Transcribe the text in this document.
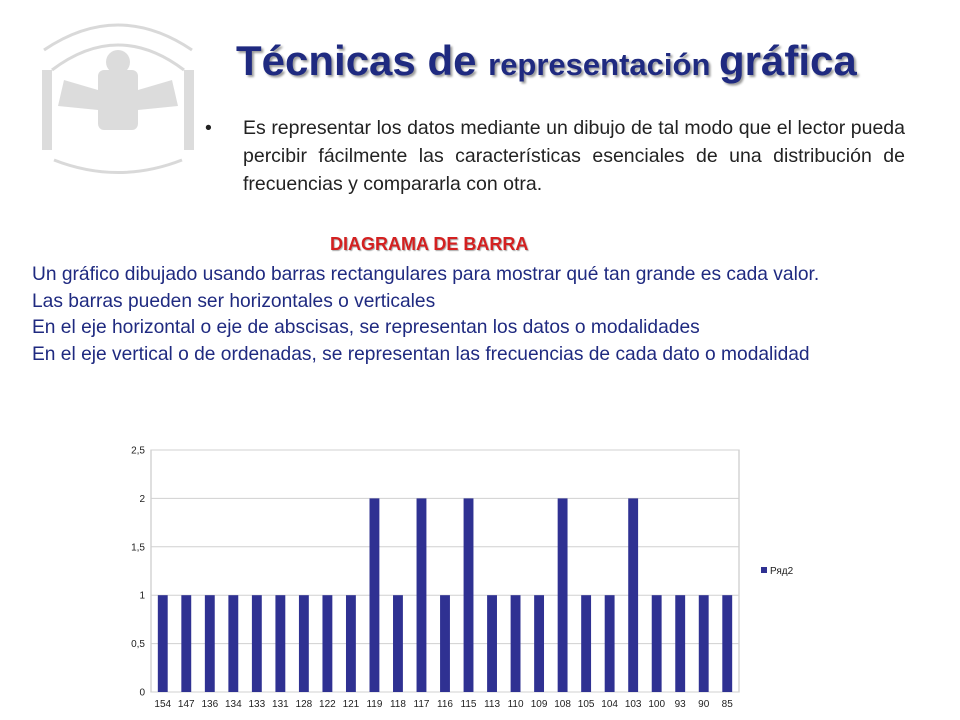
Técnicas de representación gráfica
• Es representar los datos mediante un dibujo de tal modo que el lector pueda percibir fácilmente las características esenciales de una distribución de frecuencias y compararla con otra.
DIAGRAMA DE BARRA

Un gráfico dibujado usando barras rectangulares para mostrar qué tan grande es cada valor.

Las barras pueden ser horizontales o verticales

En el eje horizontal o eje de abscisas, se representan los datos o modalidades

En el eje vertical o de ordenadas, se representan las frecuencias de cada dato o modalidad

0
0,5
1
1,5
2
2,5
154 147 136 134 133 131 128 122 121 119 118 117 116 115 113 110 109 108 105 104 103 100 93 90 85
Ряд2
